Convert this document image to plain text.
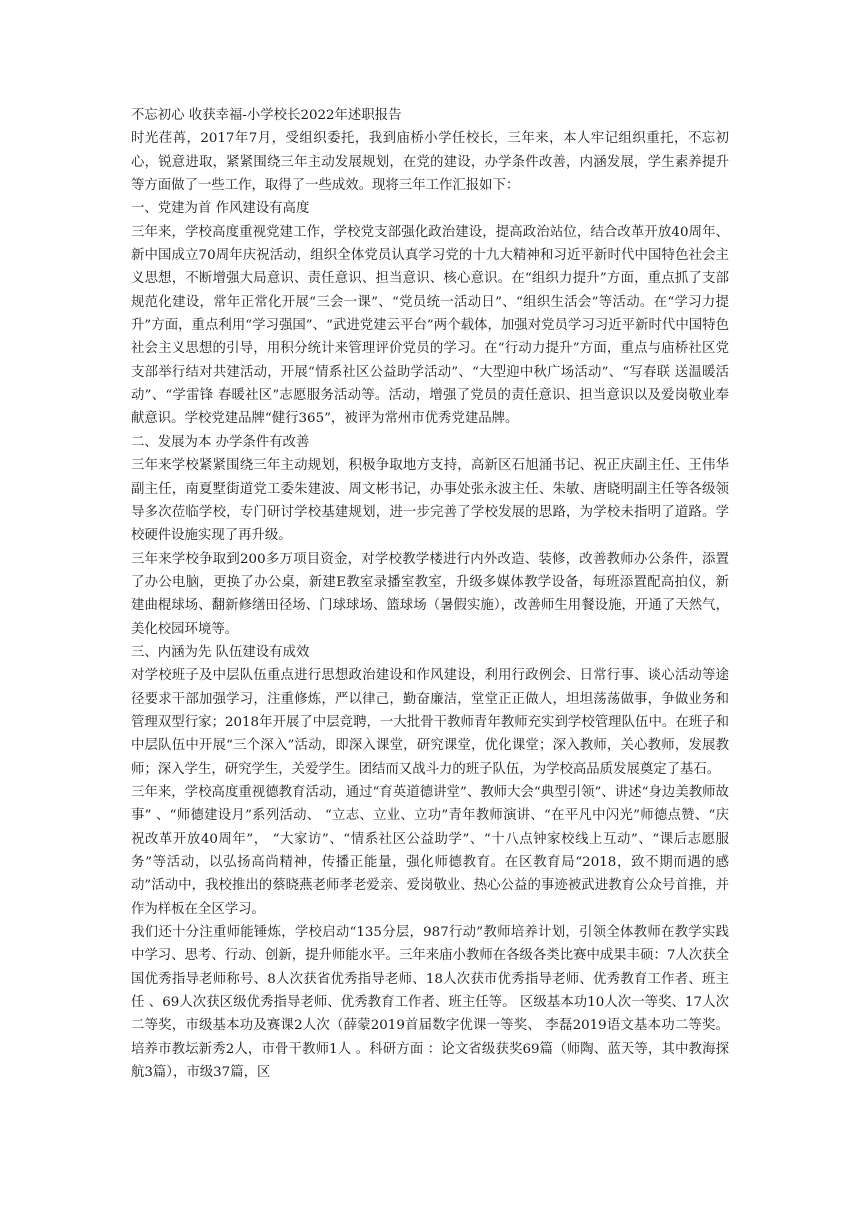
不忘初心 收获幸福-小学校长2022年述职报告

时光荏苒，2017年7月，受组织委托，我到庙桥小学任校长，三年来，本人牢记组织重托，不忘初心，锐意进取，紧紧围绕三年主动发展规划，在党的建设，办学条件改善，内涵发展，学生素养提升等方面做了一些工作，取得了一些成效。现将三年工作汇报如下：

一、党建为首 作风建设有高度

三年来，学校高度重视党建工作，学校党支部强化政治建设，提高政治站位，结合改革开放40周年、新中国成立70周年庆祝活动，组织全体党员认真学习党的十九大精神和习近平新时代中国特色社会主义思想，不断增强大局意识、责任意识、担当意识、核心意识。在“组织力提升”方面，重点抓了支部规范化建设，常年正常化开展“三会一课”、“党员统一活动日”、“组织生活会”等活动。在“学习力提升”方面，重点利用“学习强国”、“武进党建云平台”两个载体，加强对党员学习习近平新时代中国特色社会主义思想的引导，用积分统计来管理评价党员的学习。在“行动力提升”方面，重点与庙桥社区党支部举行结对共建活动，开展“情系社区公益助学活动”、“大型迎中秋广场活动”、“写春联 送温暖活动”、“学雷锋 春暖社区”志愿服务活动等。活动，增强了党员的责任意识、担当意识以及爱岗敬业奉献意识。学校党建品牌“健行365”，被评为常州市优秀党建品牌。

二、发展为本 办学条件有改善

三年来学校紧紧围绕三年主动规划，积极争取地方支持，高新区石旭涌书记、祝正庆副主任、王伟华副主任，南夏墅街道党工委朱建波、周文彬书记，办事处张永波主任、朱敏、唐晓明副主任等各级领导多次莅临学校，专门研讨学校基建规划，进一步完善了学校发展的思路，为学校未指明了道路。学校硬件设施实现了再升级。

三年来学校争取到200多万项目资金，对学校教学楼进行内外改造、装修，改善教师办公条件，添置了办公电脑，更换了办公桌，新建E教室录播室教室，升级多媒体教学设备，每班添置配高拍仪，新建曲棍球场、翻新修缮田径场、门球球场、篮球场（暑假实施），改善师生用餐设施，开通了天然气，美化校园环境等。

三、内涵为先 队伍建设有成效

对学校班子及中层队伍重点进行思想政治建设和作风建设，利用行政例会、日常行事、谈心活动等途径要求干部加强学习，注重修炼，严以律己，勤奋廉洁，堂堂正正做人，坦坦荡荡做事，争做业务和管理双型行家；2018年开展了中层竞聘，一大批骨干教师青年教师充实到学校管理队伍中。在班子和中层队伍中开展“三个深入”活动，即深入课堂，研究课堂，优化课堂；深入教师，关心教师，发展教师；深入学生，研究学生，关爱学生。团结而又战斗力的班子队伍，为学校高品质发展奠定了基石。

三年来，学校高度重视德教育活动，通过“育英道德讲堂”、教师大会“典型引领”、讲述“身边美教师故事” 、“师德建设月”系列活动、 “立志、立业、立功”青年教师演讲、“在平凡中闪光”师德点赞、“庆祝改革开放40周年”， “大家访”、“情系社区公益助学”、“十八点钟家校线上互动”、“课后志愿服务”等活动，以弘扬高尚精神，传播正能量，强化师德教育。在区教育局“2018，致不期而遇的感动”活动中，我校推出的蔡晓燕老师孝老爱亲、爱岗敬业、热心公益的事迹被武进教育公众号首推，并作为样板在全区学习。

我们还十分注重师能锤炼，学校启动“135分层，987行动”教师培养计划，引领全体教师在教学实践中学习、思考、行动、创新，提升师能水平。三年来庙小教师在各级各类比赛中成果丰硕：7人次获全国优秀指导老师称号、8人次获省优秀指导老师、18人次获市优秀指导老师、优秀教育工作者、班主任 、69人次获区级优秀指导老师、优秀教育工作者、班主任等。 区级基本功10人次一等奖、17人次二等奖，市级基本功及赛课2人次（薛蒙2019首届数字优课一等奖、 李磊2019语文基本功二等奖。培养市教坛新秀2人，市骨干教师1人 。科研方面 ：论文省级获奖69篇（师陶、蓝天等，其中教海探航3篇），市级37篇，区
